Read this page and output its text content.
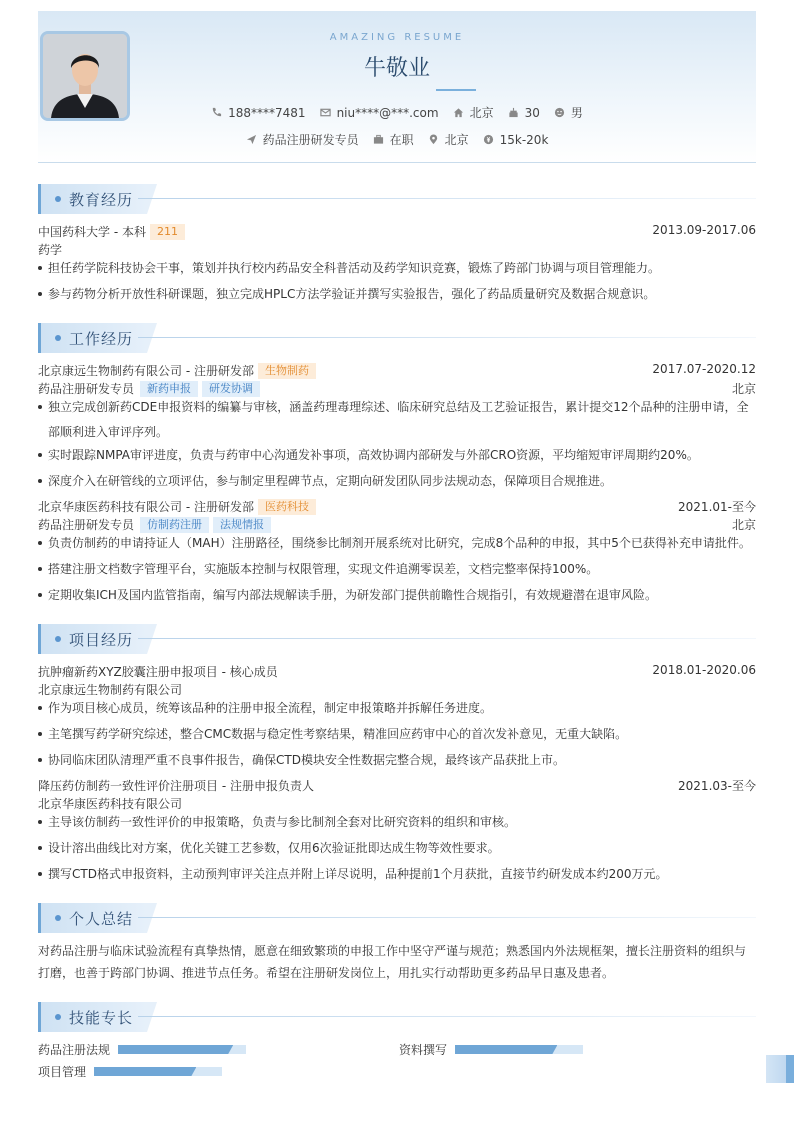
AMAZING RESUME
牛敬业
188****7481	niu****@***.com	北京	30	男
药品注册研发专员	在职	北京	15k-20k
教育经历
中国药科大学 - 本科 211	2013.09-2017.06
药学
担任药学院科技协会干事，策划并执行校内药品安全科普活动及药学知识竞赛，锻炼了跨部门协调与项目管理能力。
参与药物分析开放性科研课题，独立完成HPLC方法学验证并撰写实验报告，强化了药品质量研究及数据合规意识。
工作经历
北京康远生物制药有限公司 - 注册研发部 生物制药	2017.07-2020.12
药品注册研发专员 新药申报 研发协调	北京
独立完成创新药CDE申报资料的编纂与审核，涵盖药理毒理综述、临床研究总结及工艺验证报告，累计提交12个品种的注册申请，全
部顺利进入审评序列。
实时跟踪NMPA审评进度，负责与药审中心沟通发补事项，高效协调内部研发与外部CRO资源，平均缩短审评周期约20%。
深度介入在研管线的立项评估，参与制定里程碑节点，定期向研发团队同步法规动态，保障项目合规推进。
北京华康医药科技有限公司 - 注册研发部 医药科技	2021.01-至今
药品注册研发专员 仿制药注册 法规情报	北京
负责仿制药的申请持证人（MAH）注册路径，围绕参比制剂开展系统对比研究，完成8个品种的申报，其中5个已获得补充申请批件。
搭建注册文档数字管理平台，实施版本控制与权限管理，实现文件追溯零误差，文档完整率保持100%。
定期收集ICH及国内监管指南，编写内部法规解读手册，为研发部门提供前瞻性合规指引，有效规避潜在退审风险。
项目经历
抗肿瘤新药XYZ胶囊注册申报项目 - 核心成员	2018.01-2020.06
北京康远生物制药有限公司
作为项目核心成员，统筹该品种的注册申报全流程，制定申报策略并拆解任务进度。
主笔撰写药学研究综述，整合CMC数据与稳定性考察结果，精准回应药审中心的首次发补意见，无重大缺陷。
协同临床团队清理严重不良事件报告，确保CTD模块安全性数据完整合规，最终该产品获批上市。
降压药仿制药一致性评价注册项目 - 注册申报负责人	2021.03-至今
北京华康医药科技有限公司
主导该仿制药一致性评价的申报策略，负责与参比制剂全套对比研究资料的组织和审核。
设计溶出曲线比对方案，优化关键工艺参数，仅用6次验证批即达成生物等效性要求。
撰写CTD格式申报资料，主动预判审评关注点并附上详尽说明，品种提前1个月获批，直接节约研发成本约200万元。
个人总结
对药品注册与临床试验流程有真挚热情，愿意在细致繁琐的申报工作中坚守严谨与规范；熟悉国内外法规框架，擅长注册资料的组织与
打磨，也善于跨部门协调、推进节点任务。希望在注册研发岗位上，用扎实行动帮助更多药品早日惠及患者。
技能专长
药品注册法规	资料撰写
项目管理
